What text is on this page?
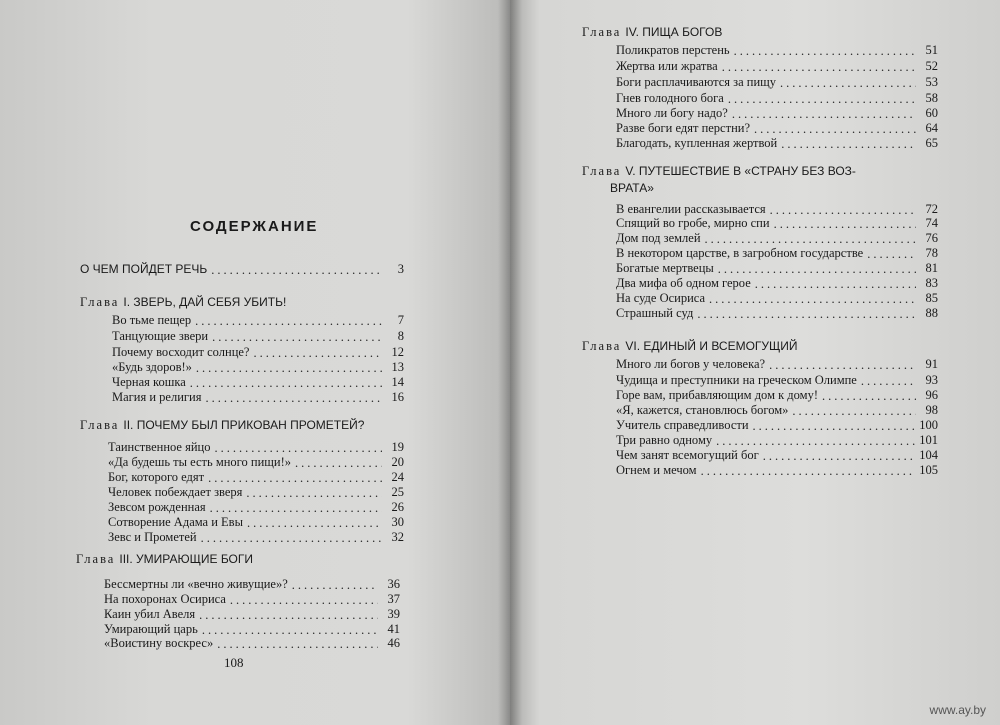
СОДЕРЖАНИЕ
О ЧЕМ ПОЙДЕТ РЕЧЬ .....	3
Глава I. ЗВЕРЬ, ДАЙ СЕБЯ УБИТЬ!
Во тьме пещер .....	7
Танцующие звери .....	8
Почему восходит солнце? .....	12
«Будь здоров!» .....	13
Черная кошка .....	14
Магия и религия .....	16
Глава II. ПОЧЕМУ БЫЛ ПРИКОВАН ПРОМЕТЕЙ?
Таинственное яйцо .....	19
«Да будешь ты есть много пищи!» .....	20
Бог, которого едят .....	24
Человек побеждает зверя .....	25
Зевсом рожденная .....	26
Сотворение Адама и Евы .....	30
Зевс и Прометей .....	32
Глава III. УМИРАЮЩИЕ БОГИ
Бессмертны ли «вечно живущие»? .....	36
На похоронах Осириса .....	37
Каин убил Авеля .....	39
Умирающий царь .....	41
«Воистину воскрес» .....	46
108
Глава IV. ПИЩА БОГОВ
Поликратов перстень .....	51
Жертва или жратва .....	52
Боги расплачиваются за пищу .....	53
Гнев голодного бога .....	58
Много ли богу надо? .....	60
Разве боги едят перстни? .....	64
Благодать, купленная жертвой .....	65
Глава V. ПУТЕШЕСТВИЕ В «СТРАНУ БЕЗ ВОЗ-
ВРАТА»
В евангелии рассказывается .....	72
Спящий во гробе, мирно спи .....	74
Дом под землей .....	76
В некотором царстве, в загробном государстве .....	78
Богатые мертвецы .....	81
Два мифа об одном герое .....	83
На суде Осириса .....	85
Страшный суд .....	88
Глава VI. ЕДИНЫЙ И ВСЕМОГУЩИЙ
Много ли богов у человека? .....	91
Чудища и преступники на греческом Олимпе .....	93
Горе вам, прибавляющим дом к дому! .....	96
«Я, кажется, становлюсь богом» .....	98
Учитель справедливости .....	100
Три равно одному .....	101
Чем занят всемогущий бог .....	104
Огнем и мечом .....	105
www.ay.by
